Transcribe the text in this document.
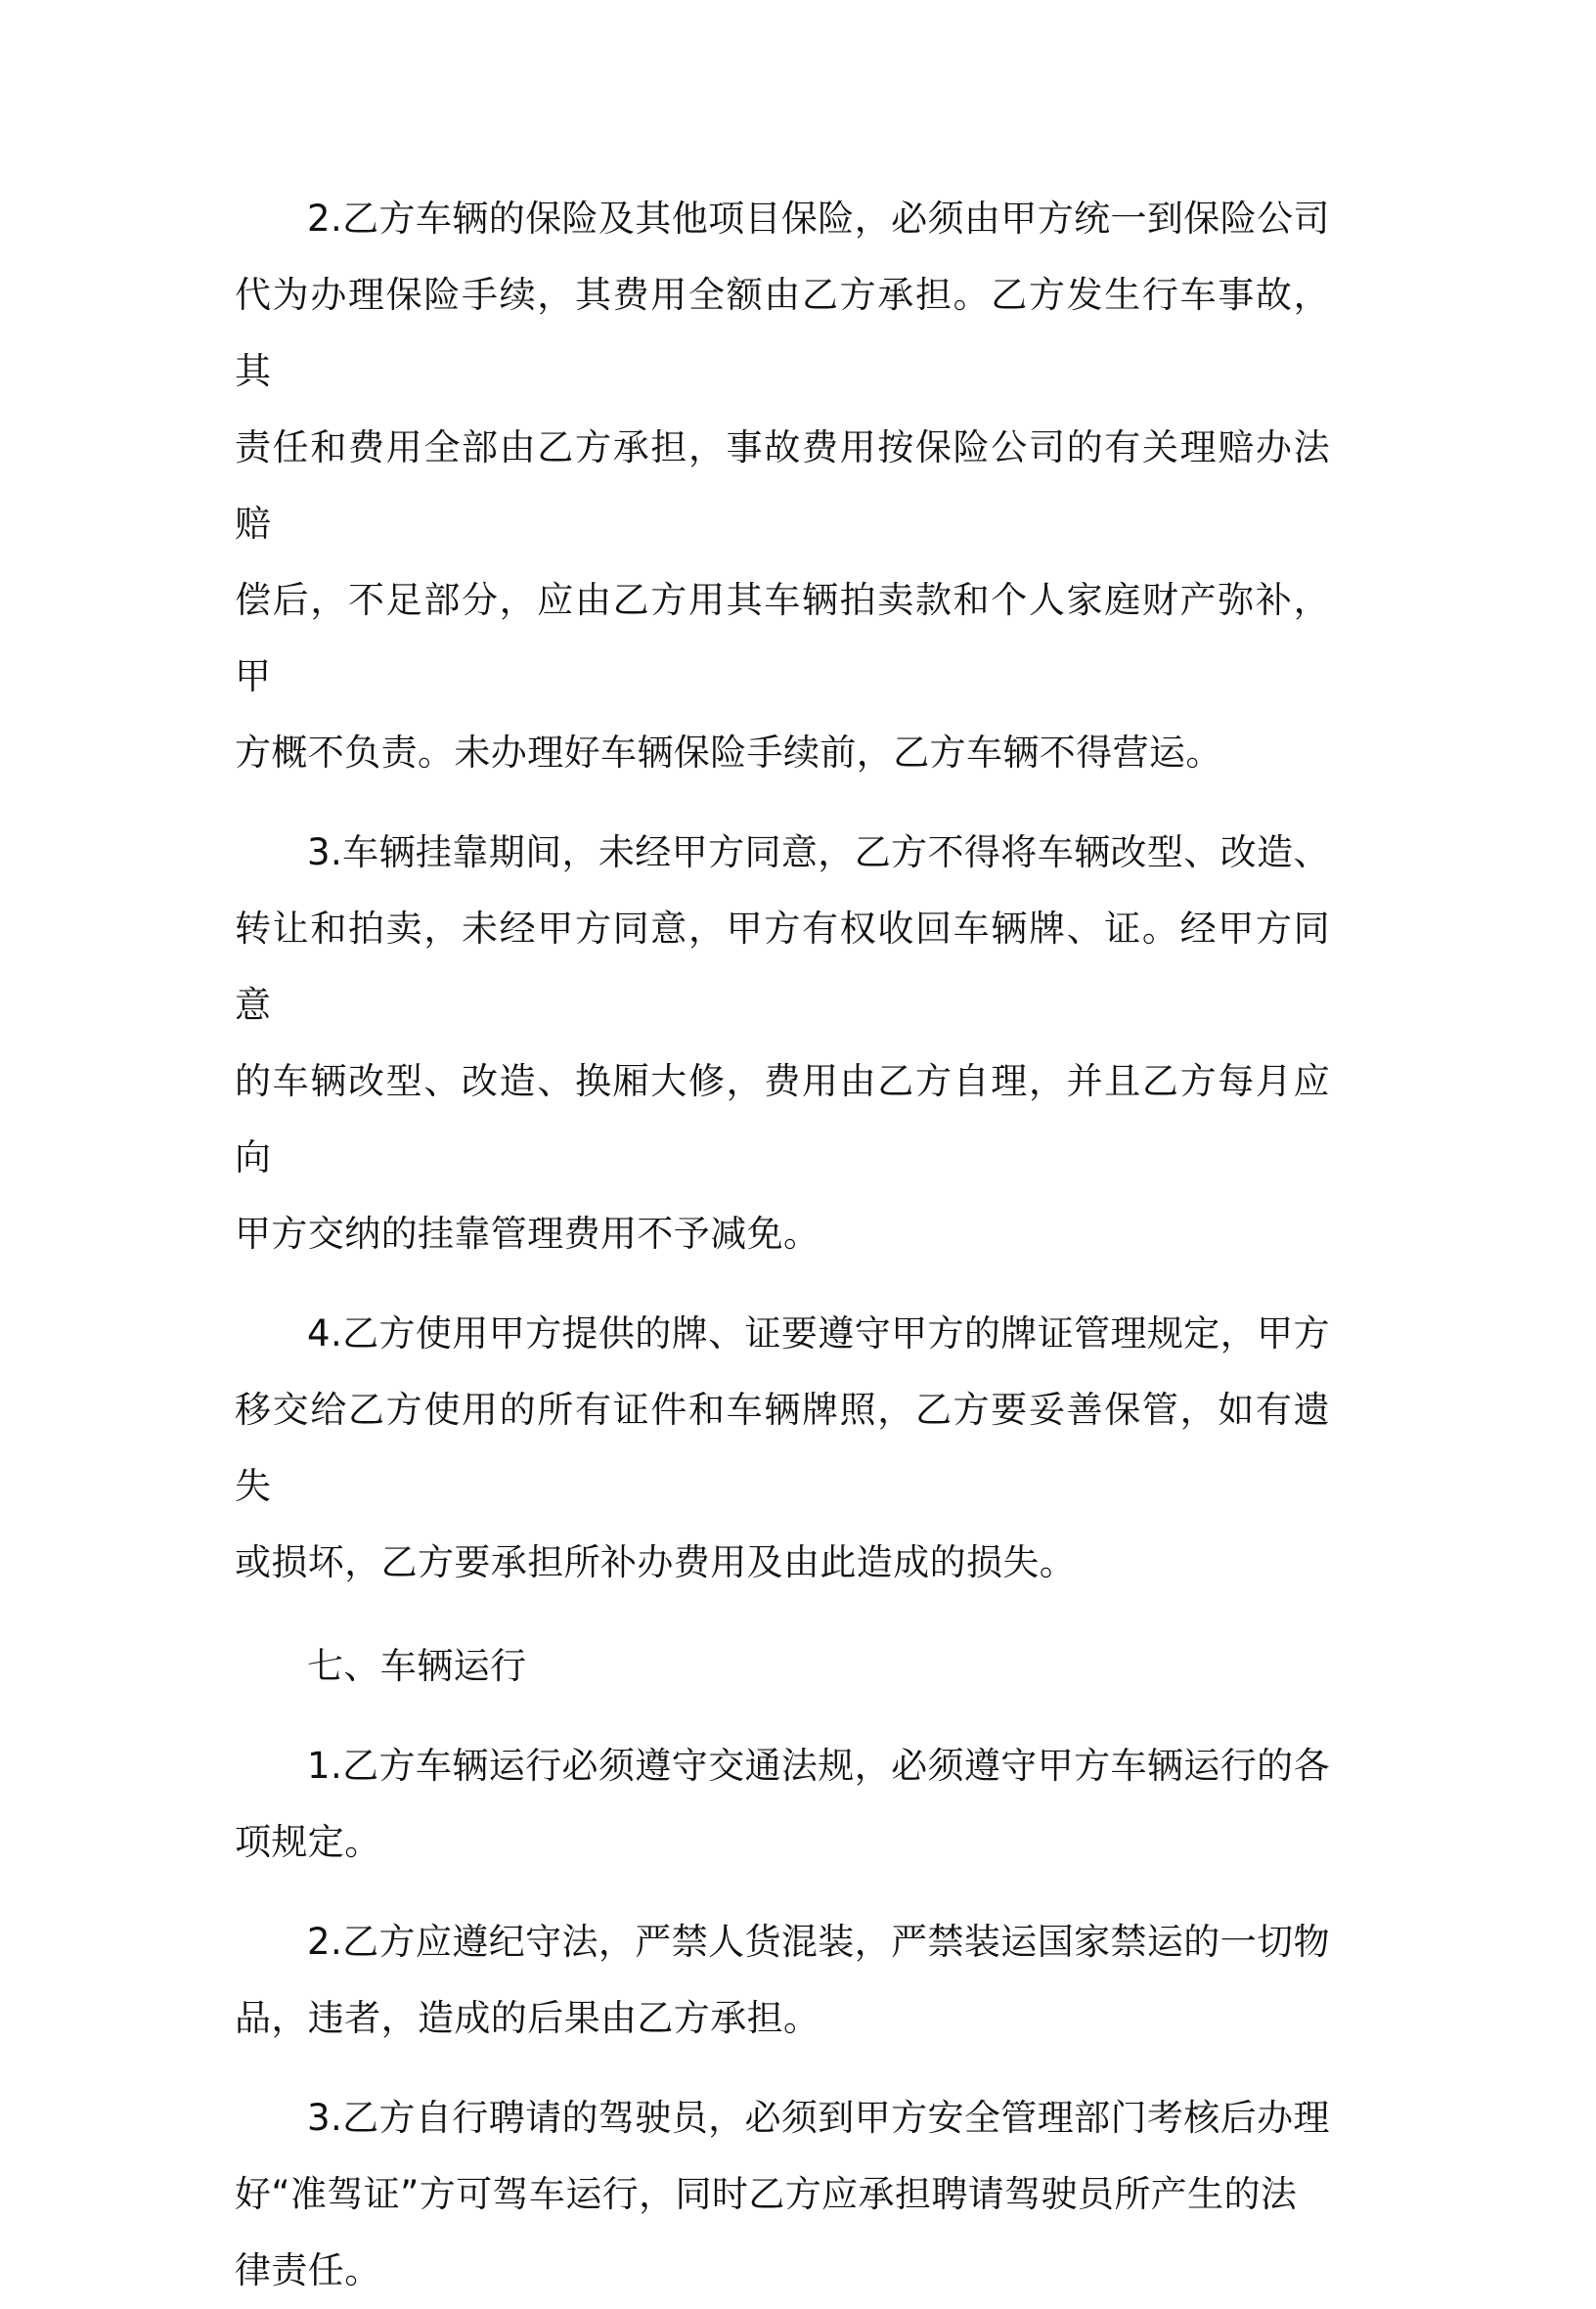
2.乙方车辆的保险及其他项目保险，必须由甲方统一到保险公司
代为办理保险手续，其费用全额由乙方承担。乙方发生行车事故，其
责任和费用全部由乙方承担，事故费用按保险公司的有关理赔办法赔
偿后，不足部分，应由乙方用其车辆拍卖款和个人家庭财产弥补，甲
方概不负责。未办理好车辆保险手续前，乙方车辆不得营运。
3.车辆挂靠期间，未经甲方同意，乙方不得将车辆改型、改造、
转让和拍卖，未经甲方同意，甲方有权收回车辆牌、证。经甲方同意
的车辆改型、改造、换厢大修，费用由乙方自理，并且乙方每月应向
甲方交纳的挂靠管理费用不予减免。
4.乙方使用甲方提供的牌、证要遵守甲方的牌证管理规定，甲方
移交给乙方使用的所有证件和车辆牌照，乙方要妥善保管，如有遗失
或损坏，乙方要承担所补办费用及由此造成的损失。
七、车辆运行
1.乙方车辆运行必须遵守交通法规，必须遵守甲方车辆运行的各
项规定。
2.乙方应遵纪守法，严禁人货混装，严禁装运国家禁运的一切物
品，违者，造成的后果由乙方承担。
3.乙方自行聘请的驾驶员，必须到甲方安全管理部门考核后办理
好“准驾证”方可驾车运行，同时乙方应承担聘请驾驶员所产生的法
律责任。
